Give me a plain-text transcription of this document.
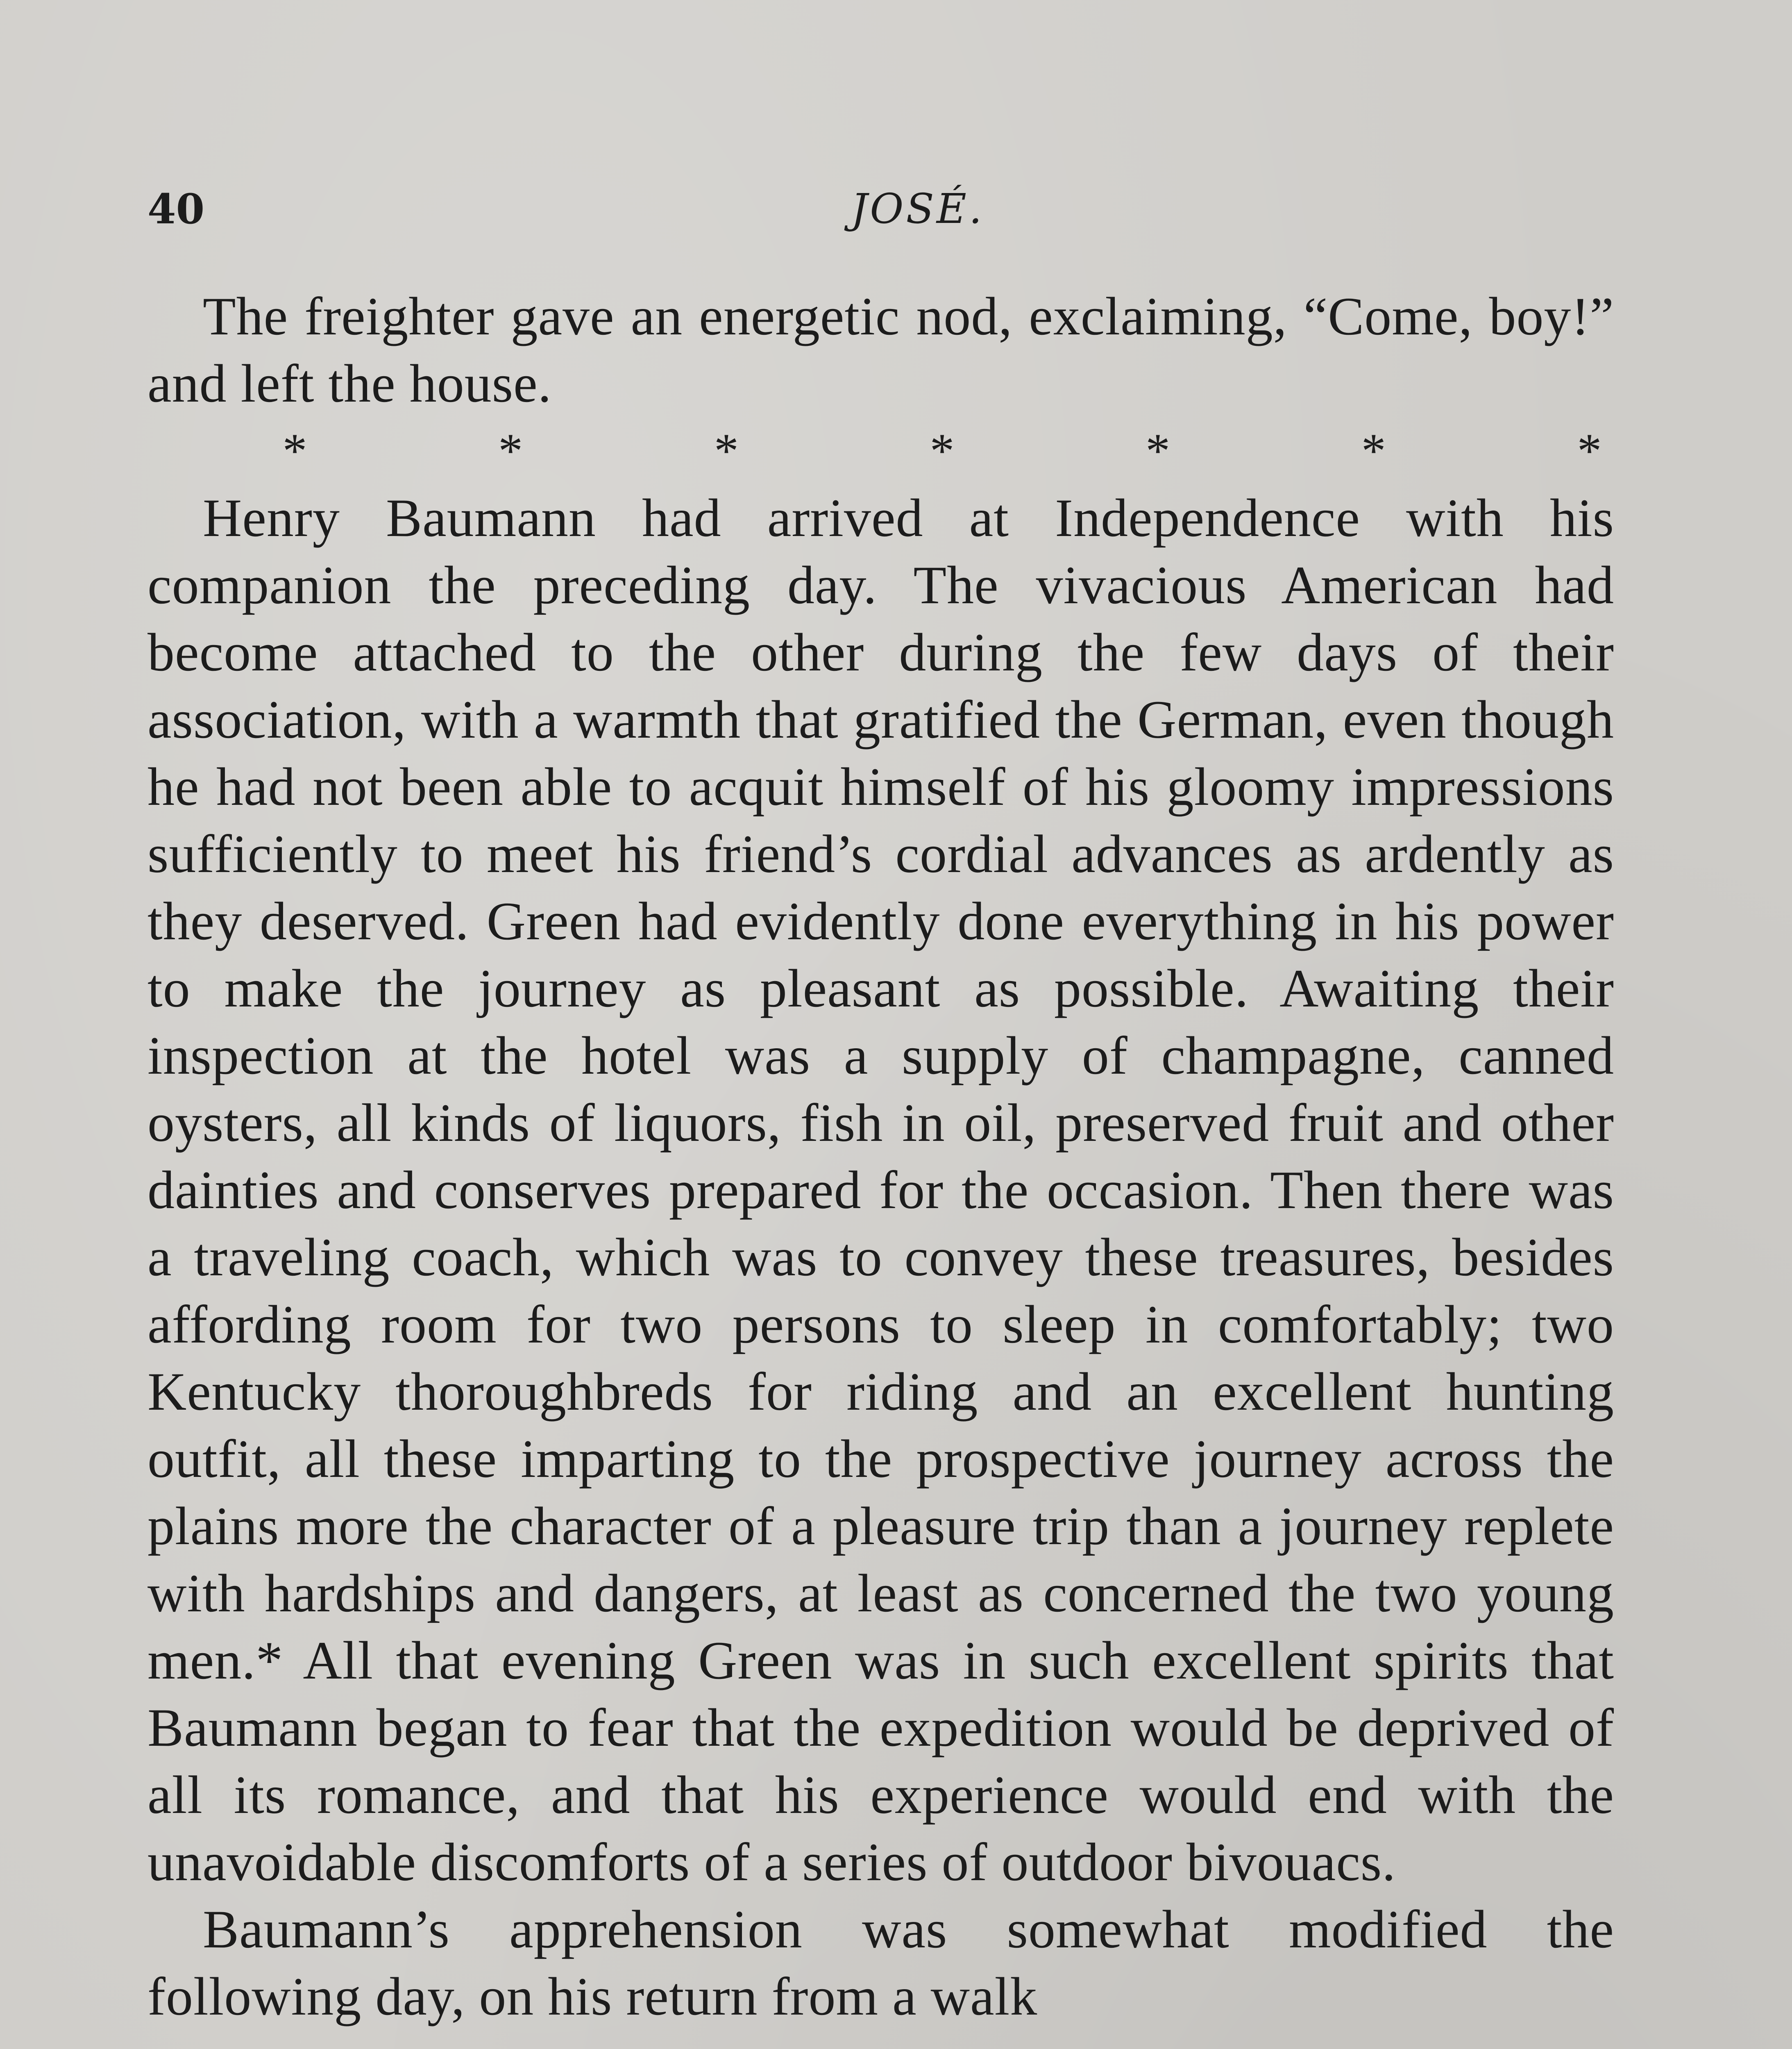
40	JOSÉ.

The freighter gave an energetic nod, exclaiming, “Come, boy!” and left the house.

*	*	*	*	*	*	*

Henry Baumann had arrived at Independence with his companion the preceding day. The vivacious American had become attached to the other during the few days of their association, with a warmth that gratified the German, even though he had not been able to acquit himself of his gloomy impressions sufficiently to meet his friend’s cordial advances as ardently as they deserved. Green had evidently done everything in his power to make the journey as pleasant as possible. Awaiting their inspection at the hotel was a supply of champagne, canned oysters, all kinds of liquors, fish in oil, preserved fruit and other dainties and conserves prepared for the occasion. Then there was a traveling coach, which was to convey these treasures, besides affording room for two persons to sleep in comfortably; two Kentucky thoroughbreds for riding and an excellent hunting outfit, all these imparting to the prospective journey across the plains more the character of a pleasure trip than a journey replete with hardships and dangers, at least as concerned the two young men.* All that evening Green was in such excellent spirits that Baumann began to fear that the expedition would be deprived of all its romance, and that his experience would end with the unavoidable discomforts of a series of outdoor bivouacs.

Baumann’s apprehension was somewhat modified the following day, on his return from a walk
